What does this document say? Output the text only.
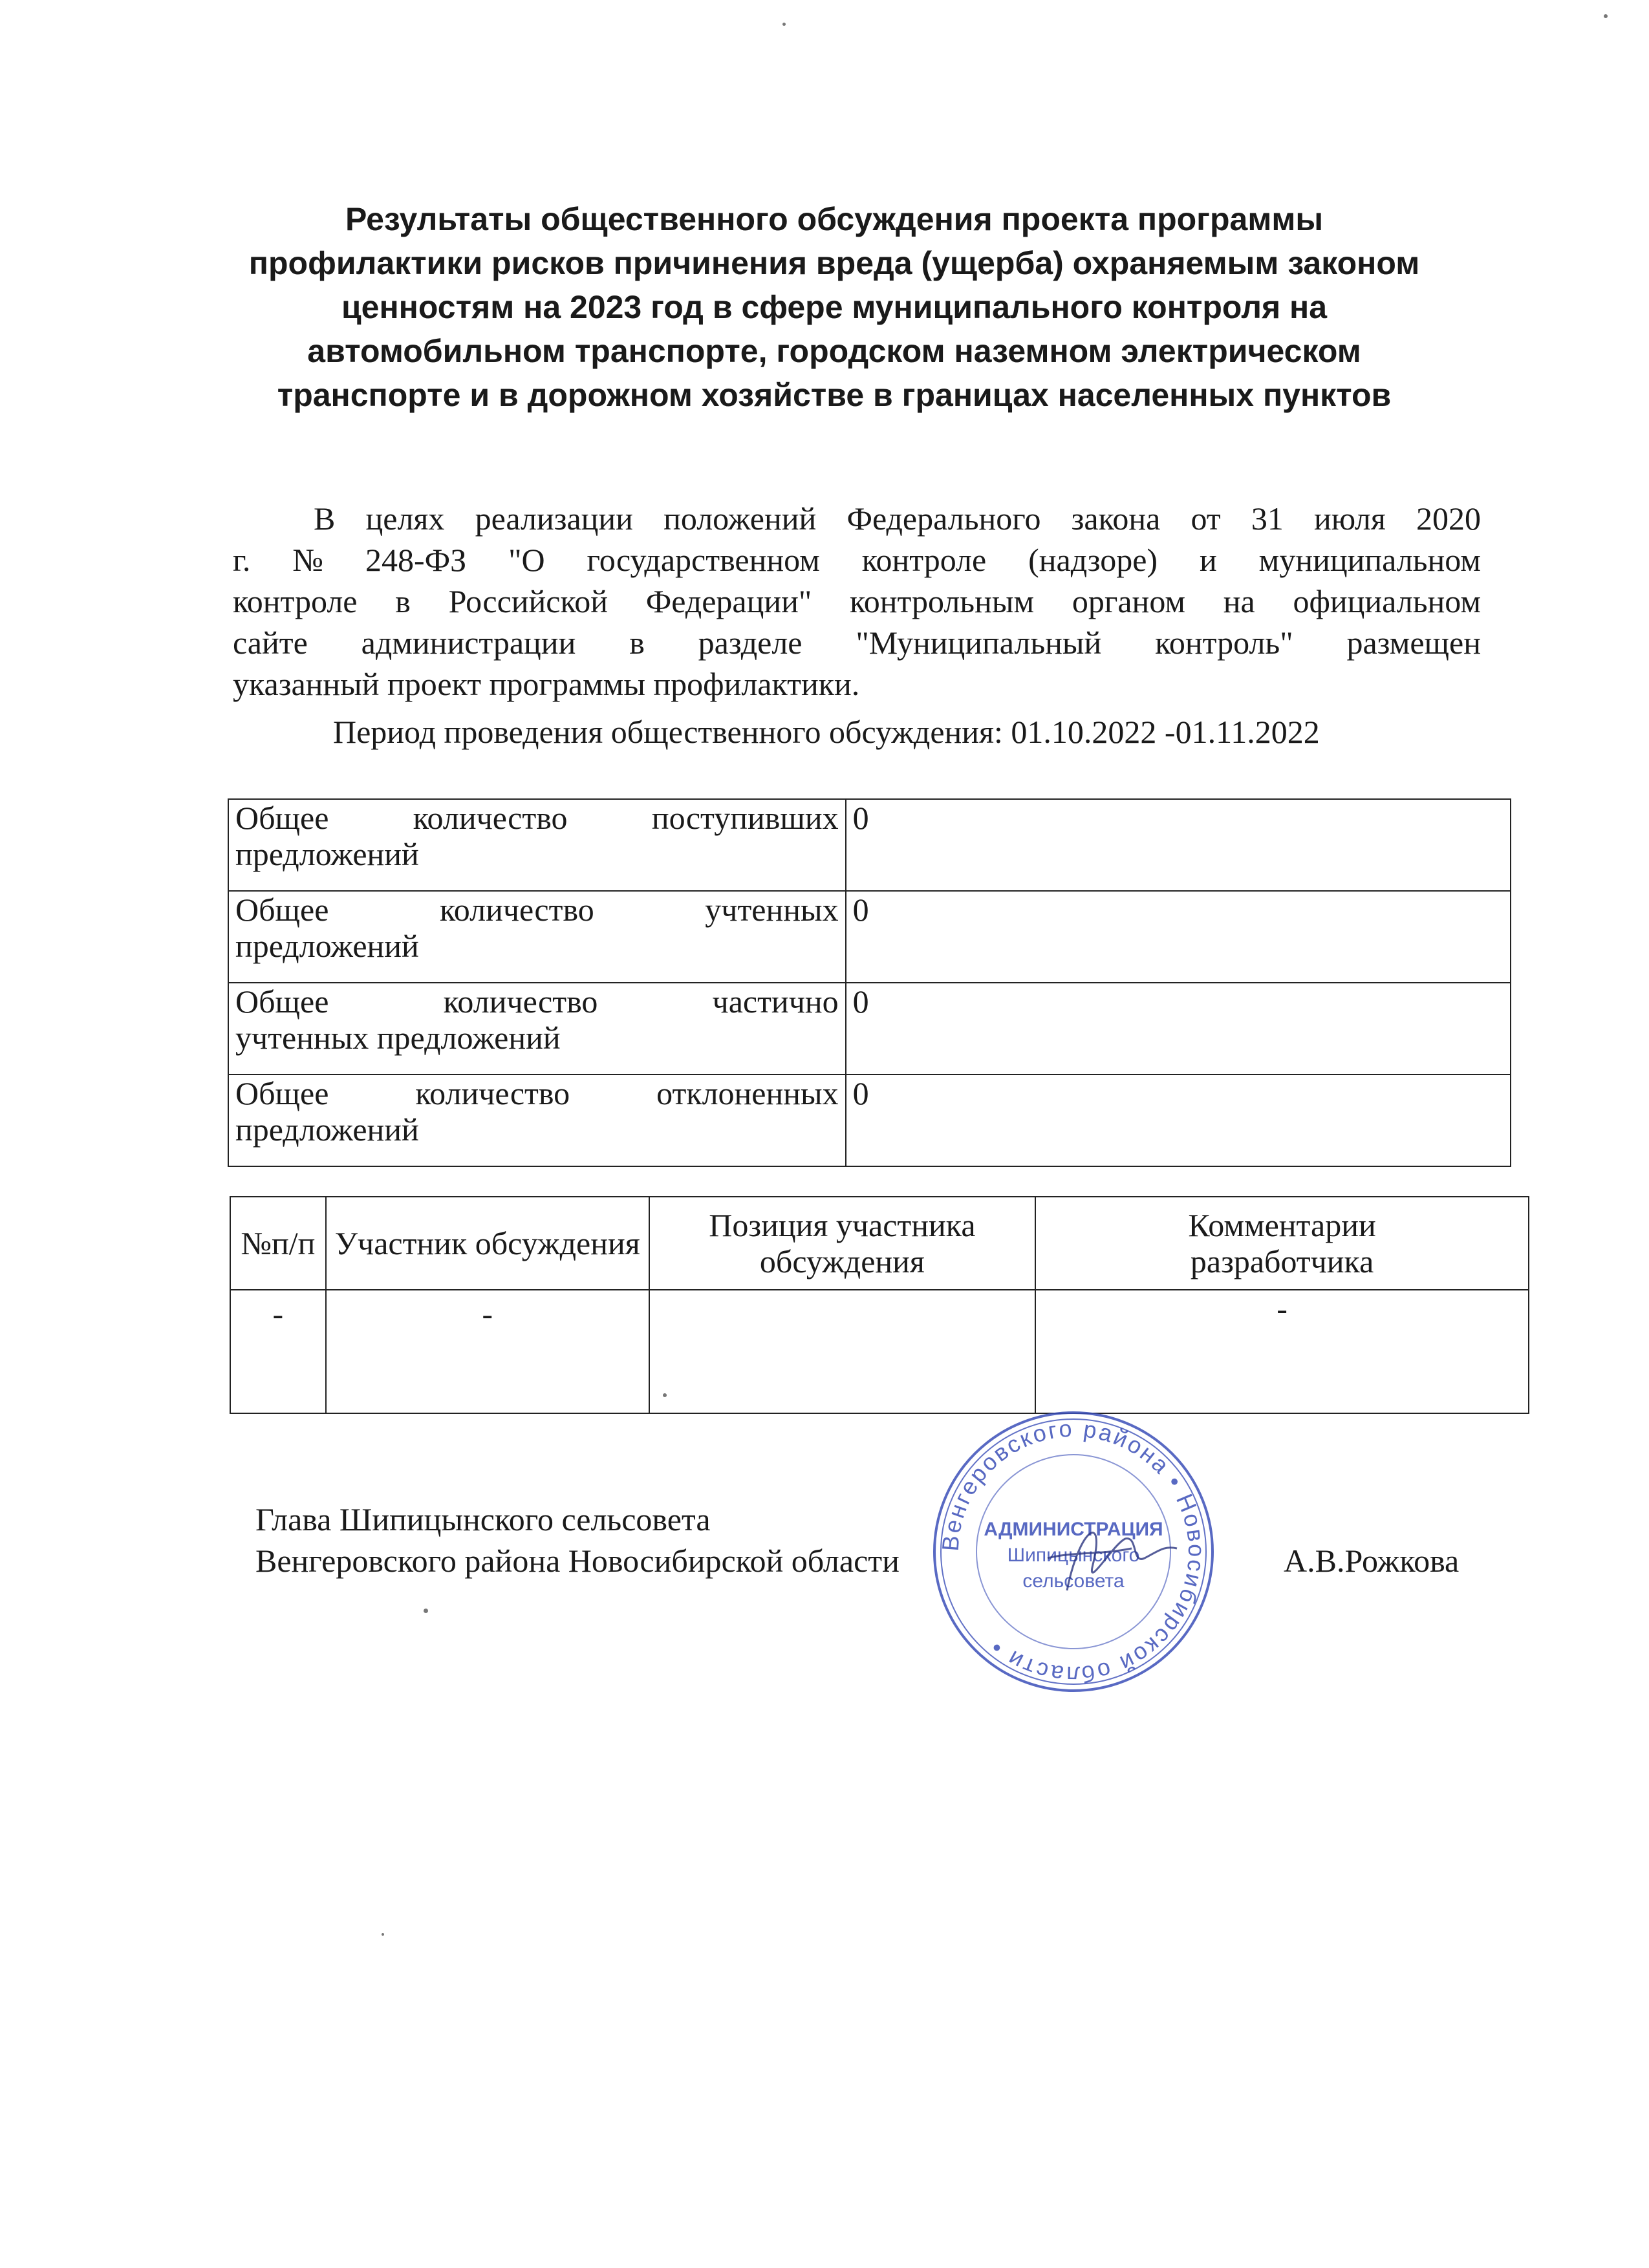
Результаты общественного обсуждения проекта программы
профилактики рисков причинения вреда (ущерба) охраняемым законом
ценностям на 2023 год в сфере муниципального контроля на
автомобильном транспорте, городском наземном электрическом
транспорте и в дорожном хозяйстве в границах населенных пунктов
В целях реализации положений Федерального закона от 31 июля 2020
г. № 248-ФЗ "О государственном контроле (надзоре) и муниципальном
контроле в Российской Федерации" контрольным органом на официальном
сайте администрации в разделе "Муниципальный контроль" размещен
указанный проект программы профилактики.
Период проведения общественного обсуждения: 01.10.2022 -01.11.2022
Общее количество поступивших
предложений	0

Общее количество учтенных
предложений	0

Общее количество частично
учтенных предложений	0

Общее количество отклоненных
предложений	0
№п/п	Участник обсуждения	Позиция участника обсуждения	Комментарии разработчика
-	-		-
Глава Шипицынского сельсовета
Венгеровского района Новосибирской области	А.В.Рожкова
Венгеровского района • Новосибирской области •
АДМИНИСТРАЦИЯ
Шипицынского
сельсовета
